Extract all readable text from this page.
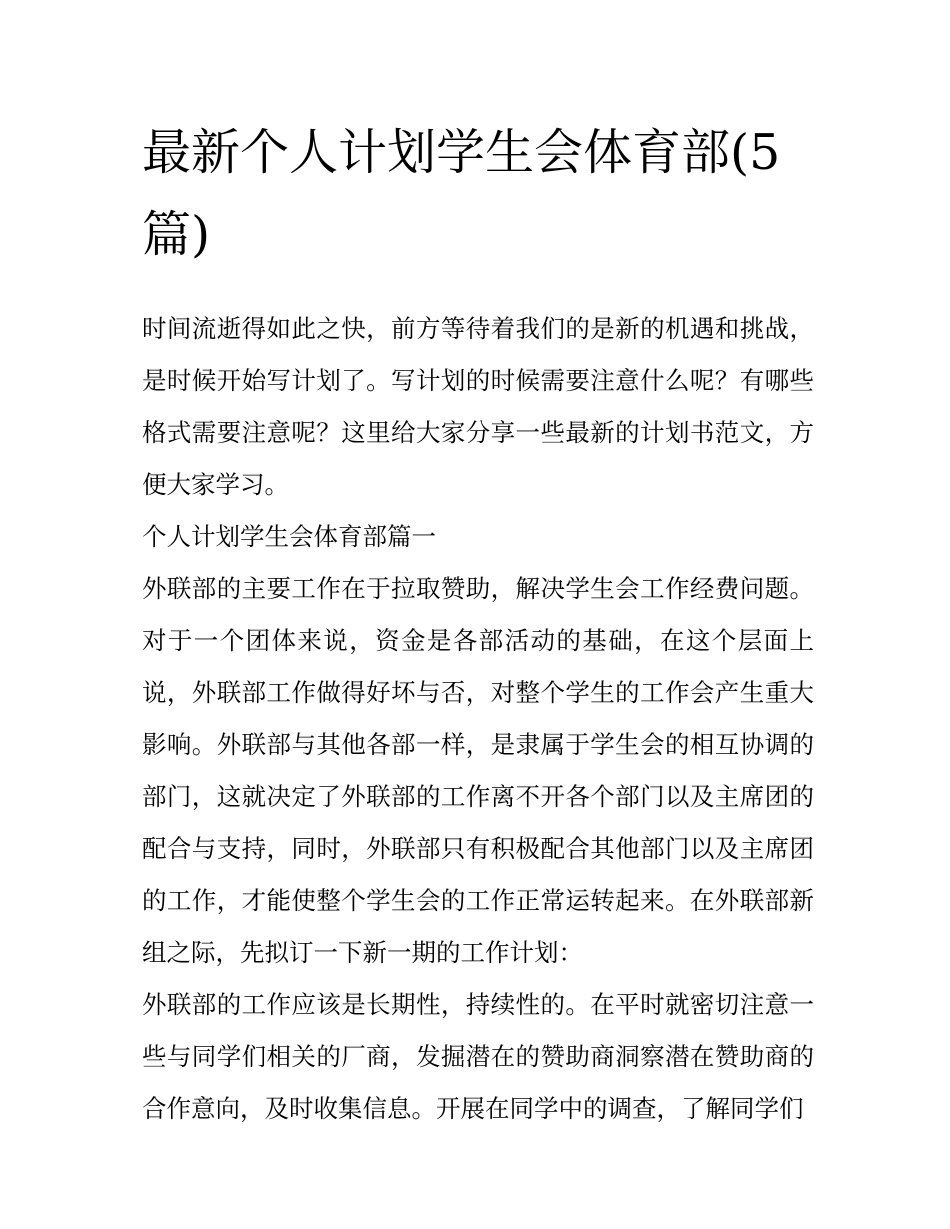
最新个人计划学生会体育部(5篇)

时间流逝得如此之快，前方等待着我们的是新的机遇和挑战，是时候开始写计划了。写计划的时候需要注意什么呢？有哪些格式需要注意呢？这里给大家分享一些最新的计划书范文，方便大家学习。

个人计划学生会体育部篇一

外联部的主要工作在于拉取赞助，解决学生会工作经费问题。对于一个团体来说，资金是各部活动的基础，在这个层面上说，外联部工作做得好坏与否，对整个学生的工作会产生重大影响。外联部与其他各部一样，是隶属于学生会的相互协调的部门，这就决定了外联部的工作离不开各个部门以及主席团的配合与支持，同时，外联部只有积极配合其他部门以及主席团的工作，才能使整个学生会的工作正常运转起来。在外联部新组之际，先拟订一下新一期的工作计划：

外联部的工作应该是长期性，持续性的。在平时就密切注意一些与同学们相关的厂商，发掘潜在的赞助商洞察潜在赞助商的合作意向，及时收集信息。开展在同学中的调查，了解同学们
